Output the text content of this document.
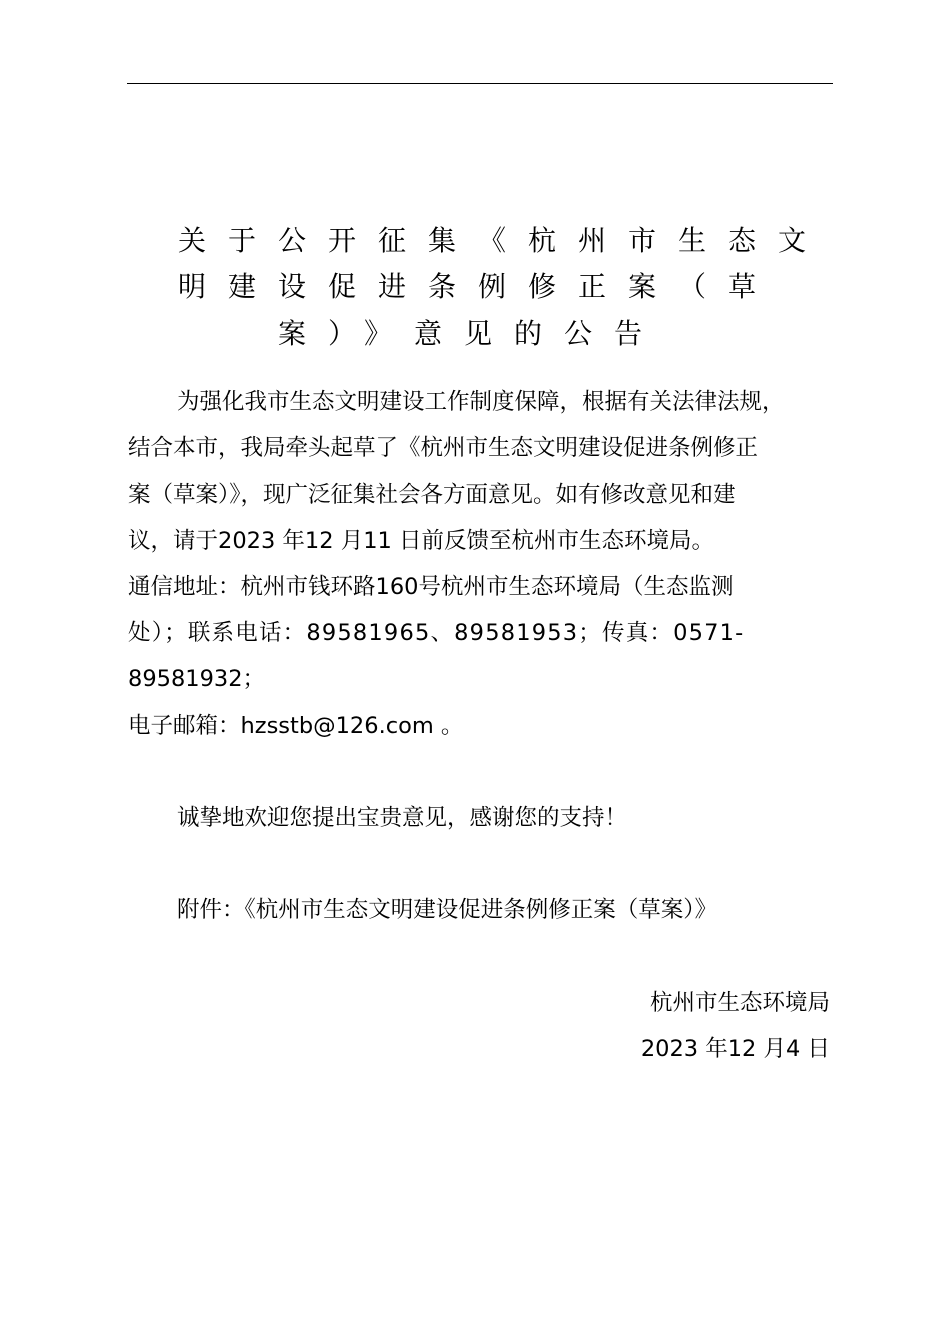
关于公开征集《杭州市生态文
明建设促进条例修正案（草
案）》意见的公告
为强化我市生态文明建设工作制度保障，根据有关法律法规，
结合本市，我局牵头起草了《杭州市生态文明建设促进条例修正
案（草案）》，现广泛征集社会各方面意见。如有修改意见和建
议，请于2023 年12 月11 日前反馈至杭州市生态环境局。
通信地址：杭州市钱环路160号杭州市生态环境局（生态监测
处）；联系电话：89581965、89581953；传真：0571-
89581932；
电子邮箱：hzsstb@126.com 。
诚挚地欢迎您提出宝贵意见，感谢您的支持！
附件：《杭州市生态文明建设促进条例修正案（草案）》
杭州市生态环境局
2023 年12 月4 日
